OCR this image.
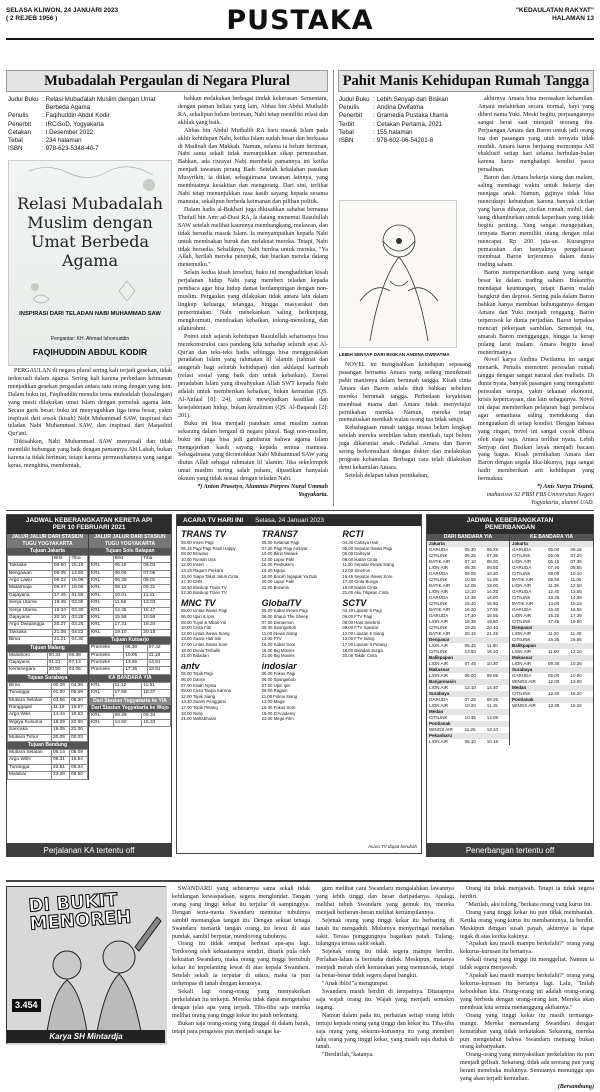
SELASA KLIWON, 24 JANUARI 2023
( 2 REJEB 1956 )	PUSTAKA	"KEDAULATAN RAKYAT"
HALAMAN 13
Mubadalah Pergaulan di Negara Plural
Judul Buku	:	Relasi Mubadalah Muslim dengan Umat Berbeda Agama
Penulis	:	Faqihuddin Abdul Kodir
Penerbit	:	IRCiSoD, Yogyakarta
Cetakan	:	I Desember 2022
Tebal	:	234 halaman
ISBN	:	978-623-5348-40-7
Relasi Mubadalah Muslim dengan Umat Berbeda Agama
INSPIRASI DARI TELADAN NABI MUHAMMAD SAW
Pengantar: KH. Ahmad Ishomuddin
FAQIHUDDIN ABDUL KODIR

PERGAULAN di negara plural sering kali terjadi gesekan, tidak terkecuali dalam agama. Sering kali karena perbedaan keimanan menjadikan gesekan pergaulan antara satu orang dengan yang lain. Dalam buku ini, Faqihuddin menulis tema mubadalah (kesalingan) yang mesti dilakukan umat Islam dengan pemeluk agama lain. Secara garis besar, buku ini menyuguhkan tiga tema besar, yakni inspirasi dari sosok (kisah) Nabi Muhammad SAW, inspirasi dari teladan Nabi Muhammad SAW, dan inspirasi dari Maqashid Qur'ani.

Dikisahkan, Nabi Muhammad SAW menyesali dan tidak memiliki hubungan yang baik dengan pamannya Abi Lahab, bukan karena ia tidak beriman, tetapi karena permusuhannya yang sangat keras, menghina, membentak,

bahkan melakukan berbagai tindak kekerasan. Sementara, dengan paman beliau yang lain, Abbas bin Abdul Muthalib RA, sekalipun belum beriman, Nabi tetap memiliki relasi dan akhlak yang baik.

Abbas bin Abdul Muthalib RA baru masuk Islam pada akhir kehidupan Nabi, ketika Islam sudah besar dan berkuasa di Madinah dan Makkah. Namun, selama ia belum beriman, Nabi sama sekali tidak menunjukkan sikap permusuhan. Bahkan, ada riwayat Nabi membela pamannya ini ketika menjadi tawanan perang Badr. Setelah kekalahan pasukan Musyrikin, ia diikat, sebagaimana tawanan lainnya, yang membuatnya kesakitan dan mengerang. Dari sini, terlihat Nabi tetap menunjukkan rasa kasih sayang kepada sesama manusia, sekalipun berbeda keimanan dan pilihan politik.

Dalam hadis al-Bukhari juga dikisahkan sahabat bernama Thufail bin Amr ad-Dusi RA, la datang menemui Rasulullah SAW setelah melihat kaumnya membangkang, melawan, dan tidak bersedia masuk Islam. la menyampaikan kepada Nabi untuk mendoakan buruk dan melaknat mereka. Tetapi, Nabi tidak bersedia. Sebaliknya, Nabi berdoa untuk mereka, "Ya Allah, berilah mereka petunjuk, dan biarkan mereka datang menemuiku."

Selain kedua kisah tersebut, buku ini menghadirkan kisah perjalanan hidup Nabi yang memberi teladan kepada pembaca agar bisa hidup damai berdampingan dengan non-muslim. Pergaulan yang dilakukan tidak antara lain dalam lingkup keluarga, tetangga, hingga masyarakat dan pemerintahan. Nabi menekankan saling berkunjung, menghormati, mendoakan kebaikan, tolong-menolong, dan silaturahmi.

Potret utuh sejarah kehidupan Rasulullah seharusnya bisa merekonstruksi cara pandang kita terhadap seluruh ayat Al-Qur'an dan teks-teks hadis sehingga bisa menggerakkan peradaban Islam yang rahmatan lil 'alamin (rahmat dan anugerah bagi seluruh kehidupan) dan akhlaqul karimah (relasi sosial yang baik dan untuk kebaikan). Esensi peradaban Islam yang diwahyukan Allah SWT kepada Nabi adalah untuk memberikan kebaikan, bukan kematian (QS. Al-Anfaal [8]: 24), untuk mewujudkan keadilan dan kesejahteraan hidup, bukan kezaliman (QS. Al-Baqarah [2]: 201).

Buku ini bisa menjadi panduan umat muslim zaman sekarang dalam bergaul di negara plural. Bagi non-muslim, buku ini juga bisa jadi gambaran bahwa agama Islam mengajarkan kasih sayang kepada semua manusia. Sebagaimana yang dicontohkan Nabi Muhammad SAW yang diutus Allah sebagai rahmatan lil 'alamin. Jika sekelompok umat muslim sering salah paham, dipastikan hanyalah oknum yang tidak sesuai dengan teladan Nabi.

*) Anton Prasetyo, Alumnus Porpres Nurul Ummah Yogyakarta.

Pahit Manis Kehidupan Rumah Tangga
Judul Buku	:	Lebih Senyap dari Bisikan
Penulis	:	Andina Dwifatma
Penerbit	:	Gramedia Pustaka Utama
Terbit	:	Cetakan Pertama, 2021
Tebal	:	155 halaman
ISBN	:	978-602-06-54201-8
LEBIH SENYAP DARI BISIKAN ANDINA DWIFATMA

NOVEL ini mengisahkan kehidupan sepasang pasangan bernama Amara yang sedang menikmati pahit manisnya dalam berumah tangga. Kisah cinta Amara dan Baron selalu diuji bahkan sebelum mereka berumah tangga. Perbedaan keyakinan membuat mama dari Amara tidak menyetujui pernikahan mereka. Namun, mereka tetap memutuskan menikah walau orang tua tidak setuju.

Kebahagiaan rumah tangga terasa belum lengkap setelah mereka sembilan tahun menikah, tapi belum juga dikaruniai anak. Padahal Amara dan Baron sering berkonsultasi dengan dokter dan melakukan program kehamilan. Berbagai cara telah dilakukan demi kehamilan Amara.

Setelah delapan tahun pernikahan,

akhirnya Amara bisa merasakan kehamilan. Amara melahirkan secara normal, bayi yang diberi nama Yuki. Meski begitu, perjuangannya sangat berat saat menjadi seorang ibu. Perjuangan Amara dan Baron untuk jadi orang tua dan pasangan yang utuh ternyata tidak mudah. Amara harus berjuang memompa ASI eksklusif setiap hari selama berbulan-bulan karena harus menghadapi kondisi pasca persalinan.

Baron dan Amara bekerja siang dan malam, saling membagi waktu untuk bekerja dan menjaga anak. Namun, gajinya tidak bisa mencukupi kebutuhan karena banyak cicilan yang harus dibayar, cicilan rumah, mobil, dan uang dihamburkan untuk keperluan yang tidak begitu penting. Yang sangat mengejutkan, ternyata Baron memiliki utang dengan nilai mencapai Rp 200 juta-an. Kurangnya pemasukan dan banyaknya pengeluaran membuat Baron terjerumus dalam dunia trading saham.

Baron mempertaruhkan uang yang sangat besar ke dalam trading saham. Bukannya mendapat keuntungan, tetapi Baron malah bangkrut dan depresi. Sering pula dalam Baron bahkan hanya membuat hubungannya dengan Amara dan Yuki menjadi renggang. Baron terperosok ke dunia perjudian. Baron terpaksa mencari pekerjaan sambilan. Semenjak itu, amarah Baron mengganggu, hingga ia kerap pulang larut malam. Amara begitu kesal menerimanya.

Novel karya Andina Dwifatma ini sangat menarik. Penulis memotret persoalan rumah tangga dengan sangat natural dan realistis. Di dunia nyata, banyak pasangan yang mengalami persoalan serupa, yakni tekanan ekonomi, krisis kepercayaan, dan lain sebagainya. Novel ini dapat memberikan pelajaran bagi pembaca agar senantiasa saling mendukung dan menguatkan di setiap kondisi. Dengan bahasa yang ringan, novel ini sangat cocok dibaca oleh siapa saja. Amara terlihat nyata. Lebih Senyap dari Bisikan layak menjadi bacaan yang bagus. Kisah pernikahan Amara dan Baron dengan segala lika-likunya, juga sangat hadir memberikan arti kehidupan yang bermakna.

*) Anis Surya Trisanti,

mahasiswi S2 PBSI FBS Universitas Negeri Yogyakarta, alumni UAD.

JADWAL KEBERANGKATAN KERETA API
PER 10 FEBRUARI 2021
JALUR JALUR DARI STASIUN TUGU YOGYAKARTA
Tujuan Jakarta
	Brkt	Tiba
Taksaka	08.50	15.18
Bengawan	06.05	14.50
Argo Lawu	08.22	16.08
Matarmaja	06.47	16.06
Gajayana	17.45	01.55
Senja Utama	18.45	03.00
Senja Utama	19.34	03.30
Gajayana	20.10	03.28
Argo Dwipangga	20.27	03.26
Taksaka	21.05	04.22
Bima	21.21	04.30
Tujuan Malang
Malioboro	00.34	06.38
Gajayana	01.21	07.13
Kertanegara	20.50	03.06
Tujuan Surabaya
Bima	00.29	04.38
Turangga	01.00	05.49
Mutiara Selatan	03.56	08.30
Ranggajati	11.15	15.57
Argo Wilis	14.44	18.53
Wijaya Kusuma	18.29	22.50
Sancaka	19.05	22.00
Mutiara Timur	20.05	00.03
Tujuan Bandung
Mutiara Selatan	06.14	08.09
Argo Wilis	09.31	15.54
Turangga	22.51	05.34
Malabar	23.28	06.50
JALUR JALUR DARI STASIUN TUGU YOGYAKARTA
Tujuan Solo Balapan
	Brkt	Tiba
KRL	05.15	06.03
KRL	06.06	07.05
KRL	06.49	08.01
KRL	08.13	09.31
KRL	10.01	11.11
KRL	11.55	13.03
KRL	14.45	15.47
KRL	15.56	16.59
KRL	17.31	18.34
KRL	19.10	20.18
Tujuan Kutoarjo
Prameks	06.30	07.42
Prameks	10.05	11.18
Prameks	13.36	14.51
Prameks	17.35	18.51
KA BANDARA YIA
KRL	11.12	11.51
KRL	17.58	18.37
Dari Stasiun Yogyakarta ke YIA
Dari Stasiun Yogyakarta ke Wojo
KRL	09.29	09.34
KRL	14.50	15.33
Perjalanan KA tertentu off
ACARA TV HARI INI Selasa, 24 Januari 2023
TRANS TV
05.00 Insert Pagi
06.15 Pagi Pagi Pasti Happy
08.00 Brownis
10.00 Rumah Uya
12.00 Insert
13.15 Ragam Perkara
15.00 Siapa Takut Jatuh Cinta
17.30 CNN
18.30 Bioskop Trans TV
22.30 Bioskop Trans TV
TRANS7
05.00 Selamat Pagi
07.30 Pagi Pagi Ambyar
10.00 Bikin Mewek
12.00 Lapor Pak!
15.00 Pesbukers
16.30 Ngopi
18.00 Bocah Ngapak Ya Dab
20.00 Lapor Pak!
22.00 Brownis
RCTI
04.30 Cahaya Hati
05.00 Seputar iNews Pagi
06.00 Dahsyat
08.00 Ikatan Cinta
11.00 Seputar iNews Siang
12.00 Sinetron
16.45 Seputar iNews Sore
17.30 Cinta Bunga
19.00 Ikatan Cinta
21.00 Aku Titipkan Cinta
MNC TV
05.00 Lintas iNews Pagi
06.00 Upin & Ipin
08.00 Tuyul & Mbak Yul
10.00 Cinta Fitri
12.00 Lintas iNews Siang
13.00 Suara Hati Istri
17.00 Lintas iNews Sore
18.00 Dunia Terbalik
21.00 Bidadari
GlobalTV
05.00 Kabar iNews Pagi
06.00 Shaun The Sheep
07.00 Doraemon
08.30 SpongeBob
11.00 iNews Siang
13.00 FTV
16.00 Kabar Sore
18.00 Big Movies
21.00 Big Movies
SCTV
04.30 Liputan 6 Pagi
06.00 FTV Pagi
08.00 Halo Selebriti
09.00 FTV Spesial
12.00 Liputan 6 Siang
13.00 FTV Siang
17.00 Liputan 6 Petang
18.00 Bidadari Surga
20.00 Takdir Cinta
antv
05.00 Topik Pagi
06.00 Dance
07.00 Kisah Nyata
09.00 Cinta Tanpa Karena
12.00 Topik Siang
13.30 Suami Pengganti
17.00 Topik Petang
18.00 Ruby
21.00 Mahabharat
indosiar
05.00 Fokus Pagi
06.00 Spongebob
07.00 Upin Ipin
09.00 Ragam
11.00 Fokus Siang
12.00 Magic
16.30 Fokus Sore
18.00 D'Academy
23.00 Mega Film
Acara TV dapat berubah
JADWAL KEBERANGKATAN
PENERBANGAN
DARI BANDARA YIA
Jakarta
GARUDA	05.30	06.25
CITILINK	06.25	07.35
BATIK AIR	07.10	08.20
LION AIR	08.35	09.55
GARUDA	09.05	10.30
CITILINK	10.55	12.05
BATIK AIR	12.05	13.00
LION AIR	13.10	14.25
GARUDA	14.35	16.00
CITILINK	15.40	16.50
BATIK AIR	16.20	17.35
GARUDA	17.30	18.55
LION AIR	18.35	19.50
CITILINK	19.25	20.40
BATIK AIR	20.15	21.25
Denpasar
LION AIR	08.45	11.00
CITILINK	13.50	16.10
Balikpapan
LION AIR	07.45	10.30
Makassar
LION AIR	06.00	09.05
Banjarmasin
LION AIR	12.10	14.40
Surabaya
GARUDA	07.25	08.25
LION AIR	10.20	11.15
Medan
CITILINK	10.35	13.05
Pontianak
WINGS AIR	11.25	13.10
Pekanbaru
LION AIR	08.10	10.15
KE BANDARA YIA
Jakarta
GARUDA	05.00	06.15
CITILINK	06.05	07.20
LION AIR	06.15	07.35
GARUDA	07.40	08.55
CITILINK	09.00	10.10
BATIK AIR	09.50	11.05
LION AIR	11.35	12.50
GARUDA	12.40	13.55
CITILINK	13.25	14.35
BATIK AIR	14.00	15.15
GARUDA	15.40	16.55
LION AIR	16.20	17.35
CITILINK	17.45	19.00
Denpasar
LION AIR	11.20	11.40
CITILINK	16.35	16.55
Balikpapan
LION AIR	11.00	12.10
Makassar
LION AIR	09.30	10.35
Surabaya
GARUDA	09.00	10.00
WINGS AIR	12.00	13.00
Medan
CITILINK	13.40	16.20
Pontianak
WINGS AIR	13.35	15.15
Penerbangan tertentu off
DI BUKIT MENOREH
3.454
Karya SH Mintardja

SWANDARU yang seberarnya sama sekali tidak kehilangan kewaspadaan, segera menghindar. Tangan orang yang tinggi kekar itu terjulur di sampingnya. Dengan serta-merta Swandaru memutar tubuhnya sambil memangkas tangan itu. Dengan sekuat tenaga Swandaru menarik tangan orang itu lewat di atas pundak, sambil berputar, mendorong tubuhnya.

Orang itu tidak sempat berbuat apa-apa lagi. Terdorong oleh kekuatannya sendiri, ditarik pula oleh kekuatan Swandaru, maka orang yang tinggi bertubuh kekar itu terpelanting lewat di atas kepala Swandaru. Setelah sekali ia terputar di udara, maka ia pun terhempas di tanah dengan kerasnya.

Sekali lagi orang-orang yang menyaksikan perkelahian itu terkejut. Mereka tidak dapat mengetahui dengan jelas apa yang terjadi. Tiba-tiba saja mereka melihat orang yang tinggi kekar itu jatuh terlentang.

Bukan saja orang-orang yang tinggal di dalam barak, tetapi para pengawas pun menjadi sangat ka-

gum melihat cara Swandaru mengalahkan lawannya yang lebih tinggi dan besar daripadanya. Apalagi melihat tubuh Swandaru yang gemuk itu, mereka menjadi berheran-heran melihat ketrampilannya.

Sejenak orang yang tinggi kekar itu berbaring di tanah itu mengaduh. Mulutnya menyeringai menahan sakit. Terasa punggungnya bagaikan patah. Tulang-tulangnya terasa sakit sekali.

Sejenak orang itu tidak segera mampu berdiri. Perlahan-lahan ia berusaha duduk. Meskipun, matanya menjadi merah oleh kemarahan yang memuncak, tetapi ia benar-benar tidak segera dapat bangkit.

"Anak iblis!"a mengumpat.

Swandaru masih berdiri di tempatnya. Ditatapnya saja wajah orang itu. Wajah yang menjadi semakin tegang.

Namun dalam pada itu, perhatian setiap orang lebih tertuju kepada orang yang tinggi dan kekar itu. Tiba-tiba saja orang yang sekurus-kurusnya itu yang memberi tahu orang yang tinggi kekar, yang masih saja duduk di tanah.

"Berdirilah,"katanya.

Orang itu tidak menjawab. Tetapi ia tidak segera berdiri.

"Marilah, aku tolong,"berkata orang yang kurus itu.

Orang yang tinggi kekar itu pun tidak membantah. Ketika orang yang kurus itu membantunya, ia berdiri. Meskipun dengan susah payah, akhirnya ia dapat tegak di atas kedua kakinya.

"Apakah kau masih mampu berkelahi?" orang yang kekurus-kurusan itu bertanya.

Sekali orang yang tinggi itu menggeliat. Namun ia tidak segera menjawab.

"Apakah kau masih mampu berkelahi?" orang yang kekurus-kurusan itu bertanya lagi. Lalu, "Inilah kebodohan kita. Orang-orang ini adalah orang-orang yang berbeda dengan orang-orang lain. Mereka akan membuat kita semua menanggung akibatnya."

Orang yang tinggi kekar itu masih termangu-mangu. Mereka memandang Swandaru dengan kemarahan yang tidak terkatakan. Sekarang, mereka pun mengetahui bahwa Swandaru memang bukan orang kebanyakan.

Orang-orang yang menyaksikan perkelahian itu pun menjadi gelisah. Sekarang, tidak ada seorang pun yang berani membuka mulutnya. Semuanya menunggu apa yang akan terjadi kemudian.

(Bersambung)
